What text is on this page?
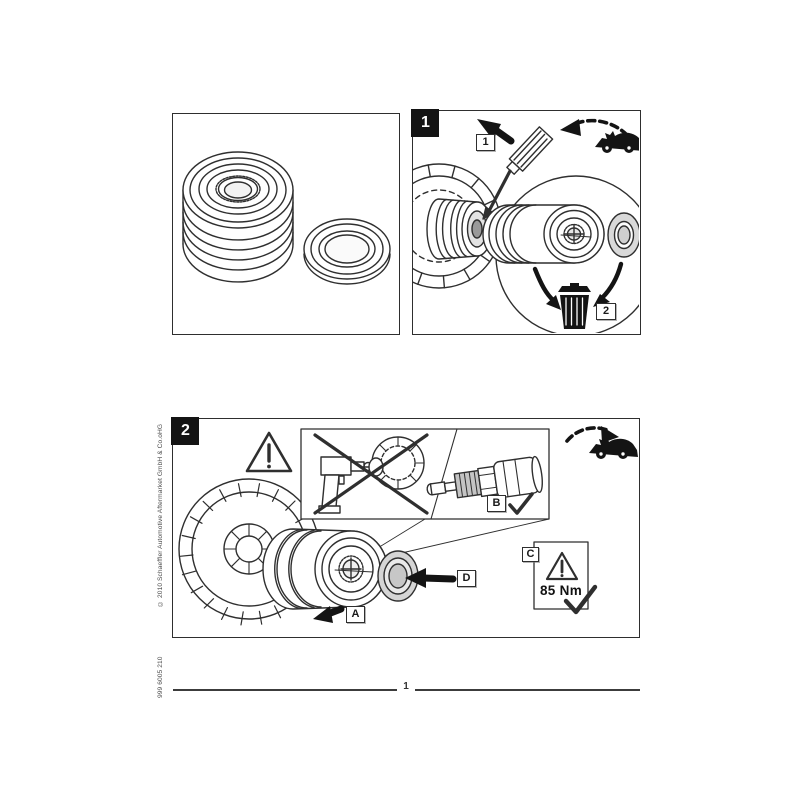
1
1
2
2
A
B
C
D
85 Nm
© 2010 Schaeffler Automotive Aftermarket GmbH & Co.oHG
999 6005 210	1
